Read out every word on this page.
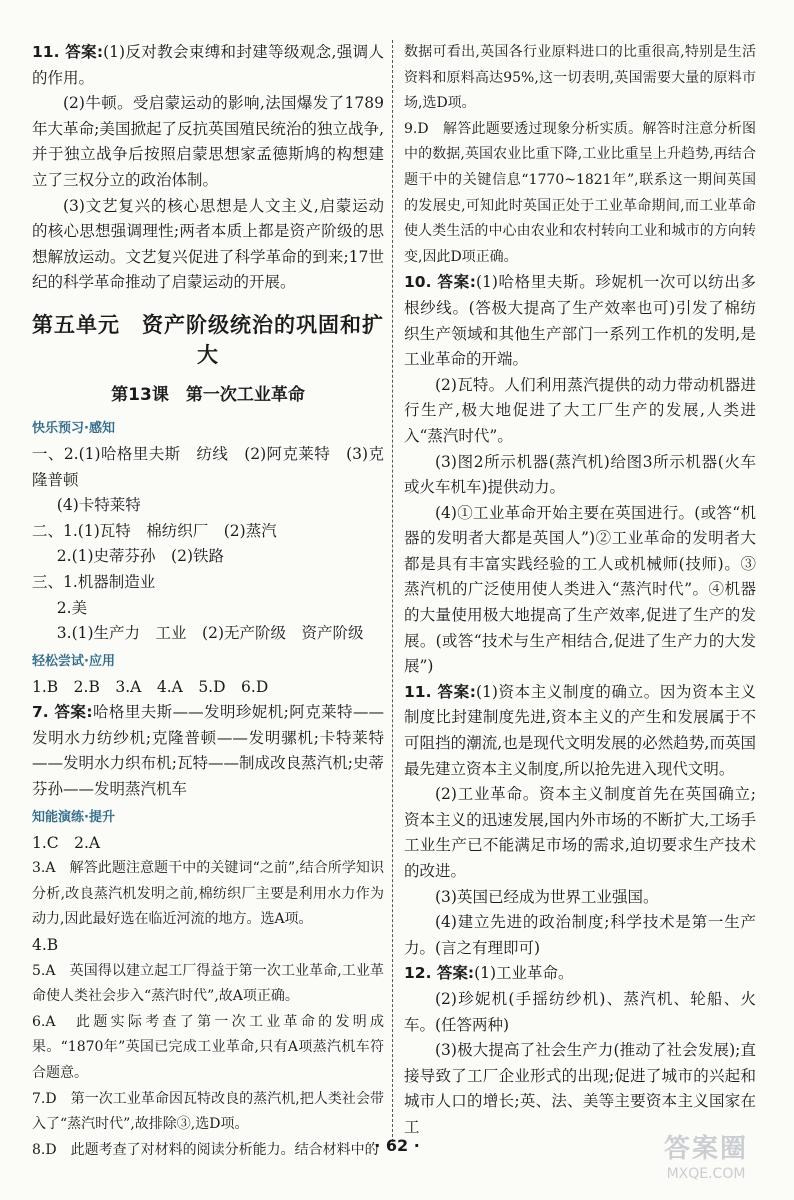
11. 答案:(1)反对教会束缚和封建等级观念,强调人的作用。

(2)牛顿。受启蒙运动的影响,法国爆发了1789年大革命;美国掀起了反抗英国殖民统治的独立战争,并于独立战争后按照启蒙思想家孟德斯鸠的构想建立了三权分立的政治体制。

(3)文艺复兴的核心思想是人文主义,启蒙运动的核心思想强调理性;两者本质上都是资产阶级的思想解放运动。文艺复兴促进了科学革命的到来;17世纪的科学革命推动了启蒙运动的开展。

第五单元　资产阶级统治的巩固和扩大
第13课　第一次工业革命
快乐预习·感知

一、2.(1)哈格里夫斯　纺线　(2)阿克莱特　(3)克隆普顿

(4)卡特莱特

二、1.(1)瓦特　棉纺织厂　(2)蒸汽

2.(1)史蒂芬孙　(2)铁路

三、1.机器制造业

2.美

3.(1)生产力　工业　(2)无产阶级　资产阶级

轻松尝试·应用

1.B　2.B　3.A　4.A　5.D　6.D

7. 答案:哈格里夫斯——发明珍妮机;阿克莱特——发明水力纺纱机;克隆普顿——发明骡机;卡特莱特——发明水力织布机;瓦特——制成改良蒸汽机;史蒂芬孙——发明蒸汽机车

知能演练·提升

1.C　2.A

3.A　解答此题注意题干中的关键词“之前”,结合所学知识分析,改良蒸汽机发明之前,棉纺织厂主要是利用水力作为动力,因此最好选在临近河流的地方。选A项。

4.B

5.A　英国得以建立起工厂得益于第一次工业革命,工业革命使人类社会步入“蒸汽时代”,故A项正确。

6.A　此题实际考查了第一次工业革命的发明成果。“1870年”英国已完成工业革命,只有A项蒸汽机车符合题意。

7.D　第一次工业革命因瓦特改良的蒸汽机,把人类社会带入了“蒸汽时代”,故排除③,选D项。

8.D　此题考查了对材料的阅读分析能力。结合材料中的

数据可看出,英国各行业原料进口的比重很高,特别是生活资料和原料高达95%,这一切表明,英国需要大量的原料市场,选D项。

9.D　解答此题要透过现象分析实质。解答时注意分析图中的数据,英国农业比重下降,工业比重呈上升趋势,再结合题干中的关键信息“1770~1821年”,联系这一期间英国的发展史,可知此时英国正处于工业革命期间,而工业革命使人类生活的中心由农业和农村转向工业和城市的方向转变,因此D项正确。

10. 答案:(1)哈格里夫斯。珍妮机一次可以纺出多根纱线。(答极大提高了生产效率也可)引发了棉纺织生产领域和其他生产部门一系列工作机的发明,是工业革命的开端。

(2)瓦特。人们利用蒸汽提供的动力带动机器进行生产,极大地促进了大工厂生产的发展,人类进入“蒸汽时代”。

(3)图2所示机器(蒸汽机)给图3所示机器(火车或火车机车)提供动力。

(4)①工业革命开始主要在英国进行。(或答“机器的发明者大都是英国人”)②工业革命的发明者大都是具有丰富实践经验的工人或机械师(技师)。③蒸汽机的广泛使用使人类进入“蒸汽时代”。④机器的大量使用极大地提高了生产效率,促进了生产的发展。(或答“技术与生产相结合,促进了生产力的大发展”)

11. 答案:(1)资本主义制度的确立。因为资本主义制度比封建制度先进,资本主义的产生和发展属于不可阻挡的潮流,也是现代文明发展的必然趋势,而英国最先建立资本主义制度,所以抢先进入现代文明。

(2)工业革命。资本主义制度首先在英国确立;资本主义的迅速发展,国内外市场的不断扩大,工场手工业生产已不能满足市场的需求,迫切要求生产技术的改进。

(3)英国已经成为世界工业强国。

(4)建立先进的政治制度;科学技术是第一生产力。(言之有理即可)

12. 答案:(1)工业革命。

(2)珍妮机(手摇纺纱机)、蒸汽机、轮船、火车。(任答两种)

(3)极大提高了社会生产力(推动了社会发展);直接导致了工厂企业形式的出现;促进了城市的兴起和城市人口的增长;英、法、美等主要资本主义国家在工

· 62 ·	答案圈
MXQE.COM
